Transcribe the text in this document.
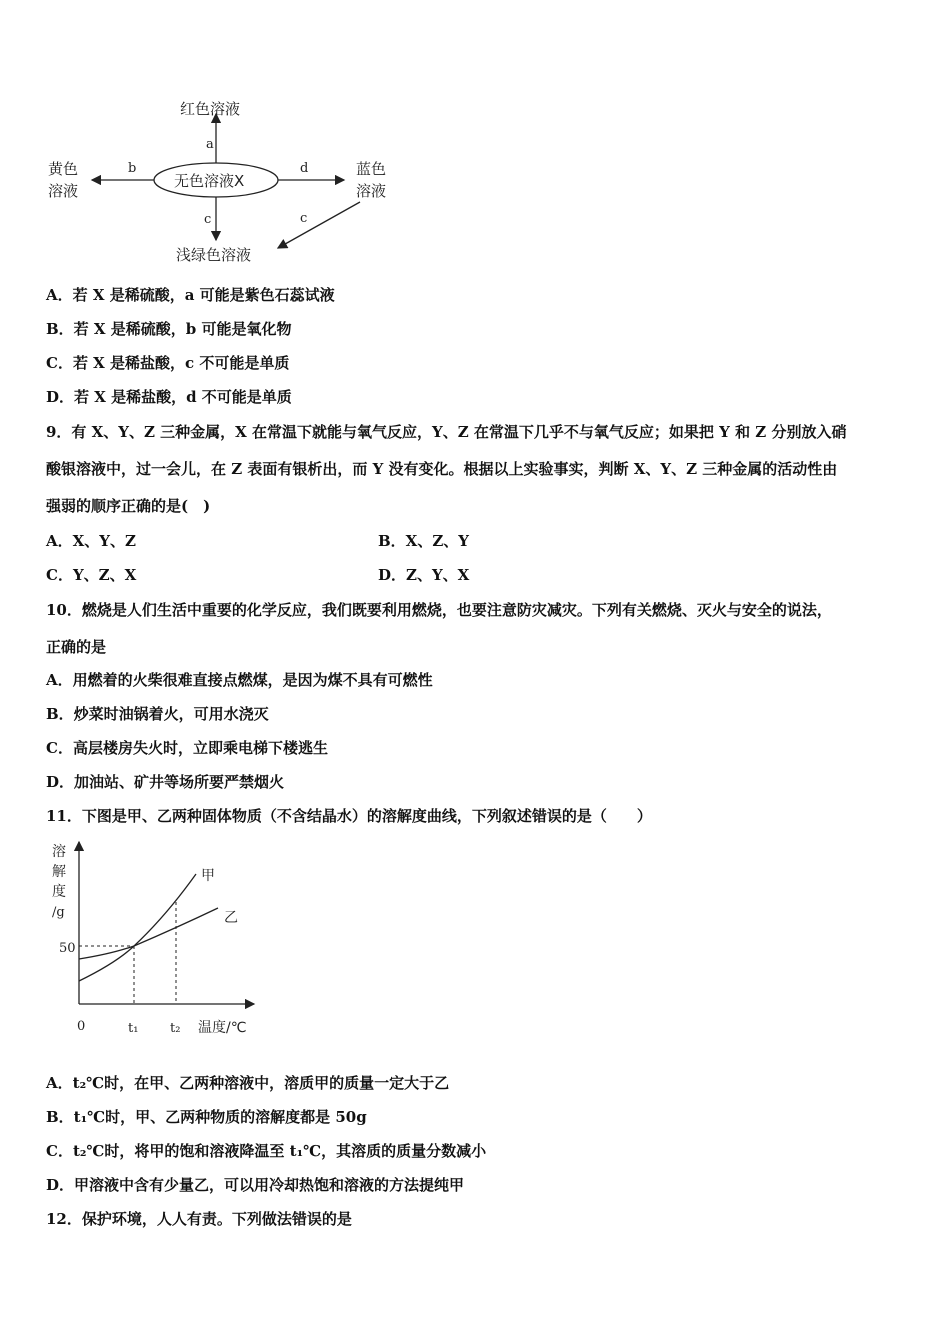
无色溶液X
红色溶液
a
b
黄色
溶液
d	蓝色
溶液
c
浅绿色溶液
c
A．若 X 是稀硫酸，a 可能是紫色石蕊试液
B．若 X 是稀硫酸，b 可能是氧化物
C．若 X 是稀盐酸，c 不可能是单质
D．若 X 是稀盐酸，d 不可能是单质
9．有 X、Y、Z 三种金属，X 在常温下就能与氧气反应，Y、Z 在常温下几乎不与氧气反应；如果把 Y 和 Z 分别放入硝
酸银溶液中，过一会儿，在 Z 表面有银析出，而 Y 没有变化。根据以上实验事实，判断 X、Y、Z 三种金属的活动性由
强弱的顺序正确的是(　)
A．X、Y、Z	B．X、Z、Y
C．Y、Z、X	D．Z、Y、X
10．燃烧是人们生活中重要的化学反应，我们既要利用燃烧，也要注意防灾减灾。下列有关燃烧、灭火与安全的说法，
正确的是
A．用燃着的火柴很难直接点燃煤，是因为煤不具有可燃性
B．炒菜时油锅着火，可用水浇灭
C．高层楼房失火时，立即乘电梯下楼逃生
D．加油站、矿井等场所要严禁烟火
11．下图是甲、乙两种固体物质（不含结晶水）的溶解度曲线，下列叙述错误的是（　　）
溶
解
度
/g
50
甲
乙
0	t₁ t₂ 温度/℃
A．t₂℃时，在甲、乙两种溶液中，溶质甲的质量一定大于乙
B．t₁℃时，甲、乙两种物质的溶解度都是 50g
C．t₂℃时，将甲的饱和溶液降温至 t₁℃，其溶质的质量分数减小
D．甲溶液中含有少量乙，可以用冷却热饱和溶液的方法提纯甲
12．保护环境，人人有责。下列做法错误的是
